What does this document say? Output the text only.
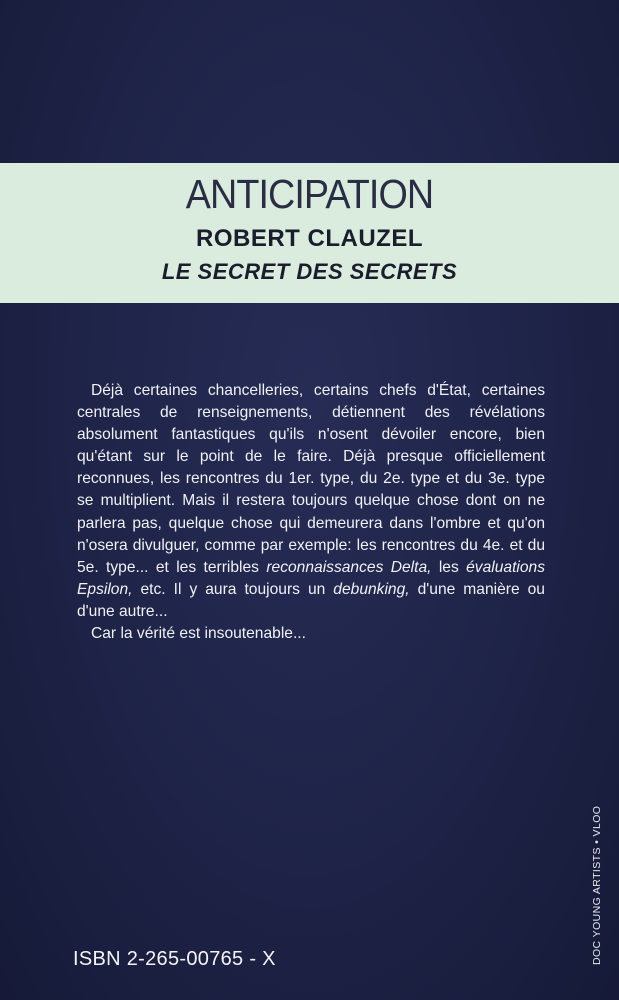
ANTICIPATION
ROBERT CLAUZEL
LE SECRET DES SECRETS

Déjà certaines chancelleries, certains chefs d'État, certaines centrales de renseignements, détiennent des révélations absolument fantastiques qu'ils n'osent dévoiler encore, bien qu'étant sur le point de le faire. Déjà presque officiellement reconnues, les rencontres du 1er. type, du 2e. type et du 3e. type se multiplient. Mais il restera toujours quelque chose dont on ne parlera pas, quelque chose qui demeurera dans l'ombre et qu'on n'osera divulguer, comme par exemple: les rencontres du 4e. et du 5e. type... et les terribles reconnaissances Delta, les évaluations Epsilon, etc. Il y aura toujours un debunking, d'une manière ou d'une autre...

Car la vérité est insoutenable...

ISBN 2-265-00765 - X	DOC YOUNG ARTISTS • VLOO
